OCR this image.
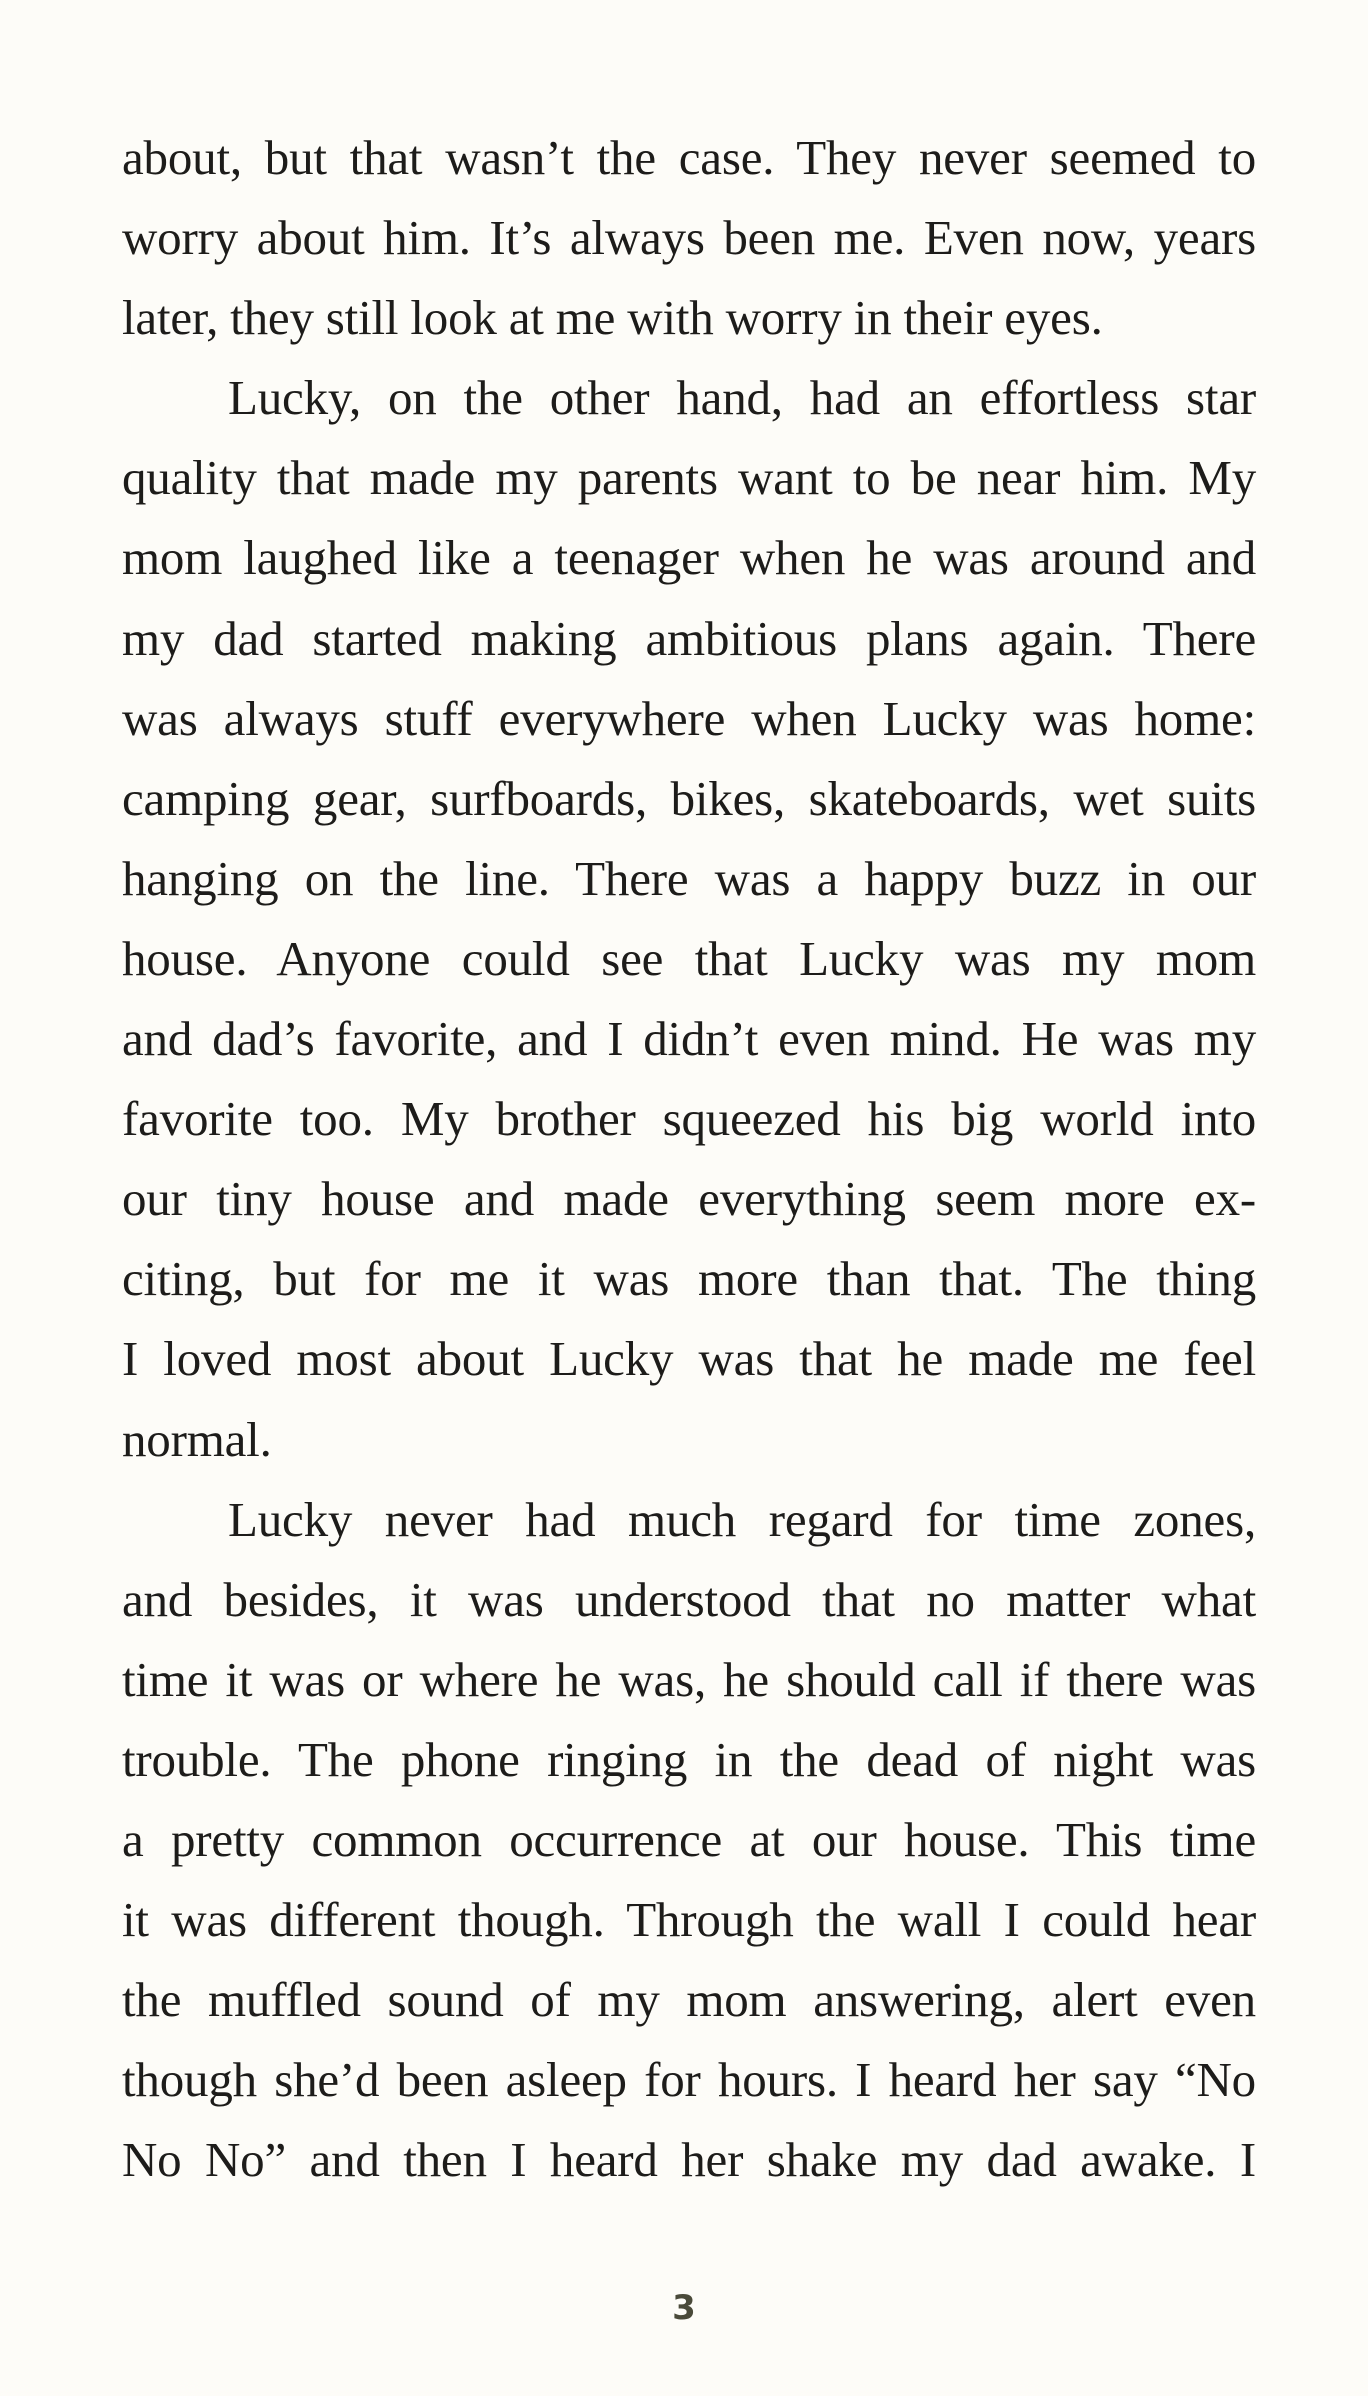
about, but that wasn’t the case. They never seemed to
worry about him. It’s always been me. Even now, years
later, they still look at me with worry in their eyes.
Lucky, on the other hand, had an effortless star
quality that made my parents want to be near him. My
mom laughed like a teenager when he was around and
my dad started making ambitious plans again. There
was always stuff everywhere when Lucky was home:
camping gear, surfboards, bikes, skateboards, wet suits
hanging on the line. There was a happy buzz in our
house. Anyone could see that Lucky was my mom
and dad’s favorite, and I didn’t even mind. He was my
favorite too. My brother squeezed his big world into
our tiny house and made everything seem more ex-
citing, but for me it was more than that. The thing
I loved most about Lucky was that he made me feel
normal.
Lucky never had much regard for time zones,
and besides, it was understood that no matter what
time it was or where he was, he should call if there was
trouble. The phone ringing in the dead of night was
a pretty common occurrence at our house. This time
it was different though. Through the wall I could hear
the muffled sound of my mom answering, alert even
though she’d been asleep for hours. I heard her say “No
No No” and then I heard her shake my dad awake. I
3
